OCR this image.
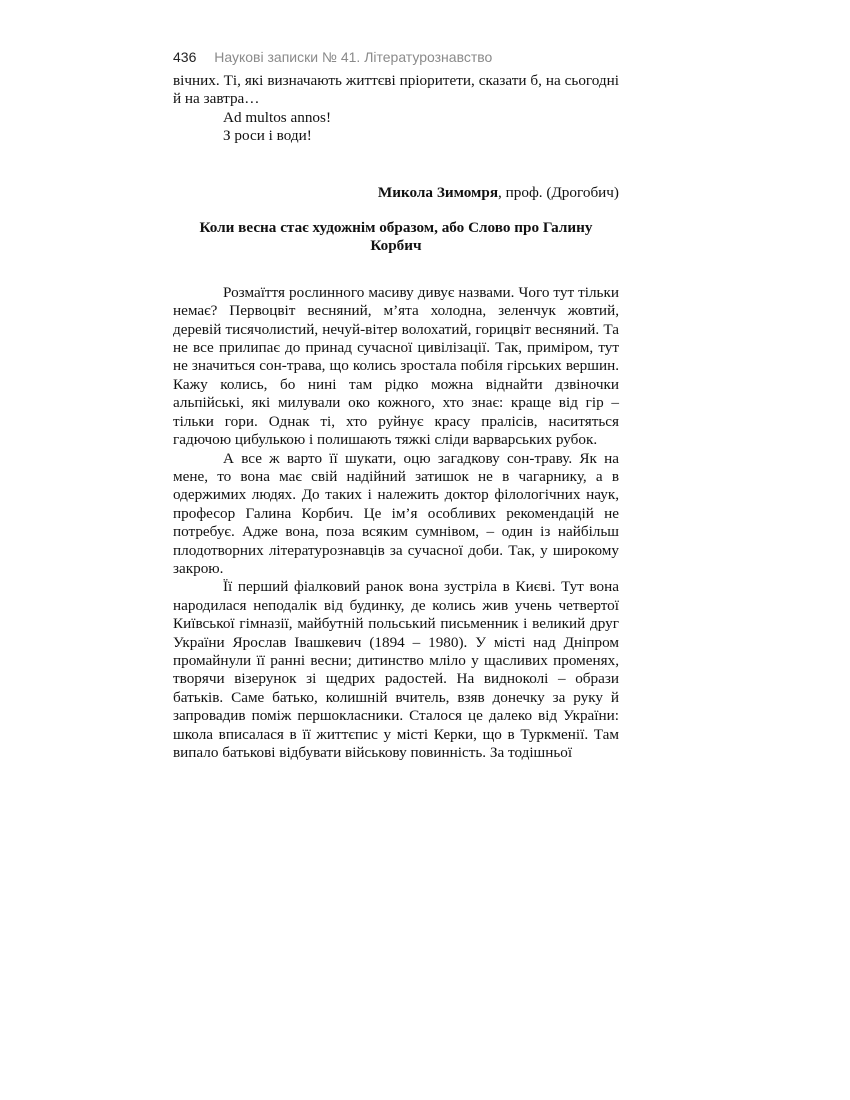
436 Наукові записки № 41. Літературознавство

вічних. Ті, які визначають життєві пріоритети, сказати б, на сьогодні й на завтра…

Ad multos annos!

З роси і води!

Микола Зимомря, проф. (Дрогобич)

Коли весна стає художнім образом, або Слово про Галину Корбич

Розмаїття рослинного масиву дивує назвами. Чого тут тільки немає? Первоцвіт весняний, м’ята холодна, зеленчук жовтий, деревій тисячолистий, нечуй-вітер волохатий, горицвіт весняний. Та не все прилипає до принад сучасної цивілізації. Так, приміром, тут не значиться сон-трава, що колись зростала побіля гірських вершин. Кажу колись, бо нині там рідко можна віднайти дзвіночки альпійські, які милували око кожного, хто знає: краще від гір – тільки гори. Однак ті, хто руйнує красу пралісів, наситяться гадючою цибулькою і полишають тяжкі сліди варварських рубок.

А все ж варто її шукати, оцю загадкову сон-траву. Як на мене, то вона має свій надійний затишок не в чагарнику, а в одержимих людях. До таких і належить доктор філологічних наук, професор Галина Корбич. Це ім’я особливих рекомендацій не потребує. Адже вона, поза всяким сумнівом, – один із найбільш плодотворних літературознавців за сучасної доби. Так, у широкому закрою.

Її перший фіалковий ранок вона зустріла в Києві. Тут вона народилася неподалік від будинку, де колись жив учень четвертої Київської гімназії, майбутній польський письменник і великий друг України Ярослав Івашкевич (1894 – 1980). У місті над Дніпром промайнули її ранні весни; дитинство мліло у щасливих променях, творячи візерунок зі щедрих радостей. На видноколі – образи батьків. Саме батько, колишній вчитель, взяв донечку за руку й запровадив поміж першокласники. Сталося це далеко від України: школа вписалася в її життєпис у місті Керки, що в Туркменії. Там випало батькові відбувати військову повинність. За тодішньої
